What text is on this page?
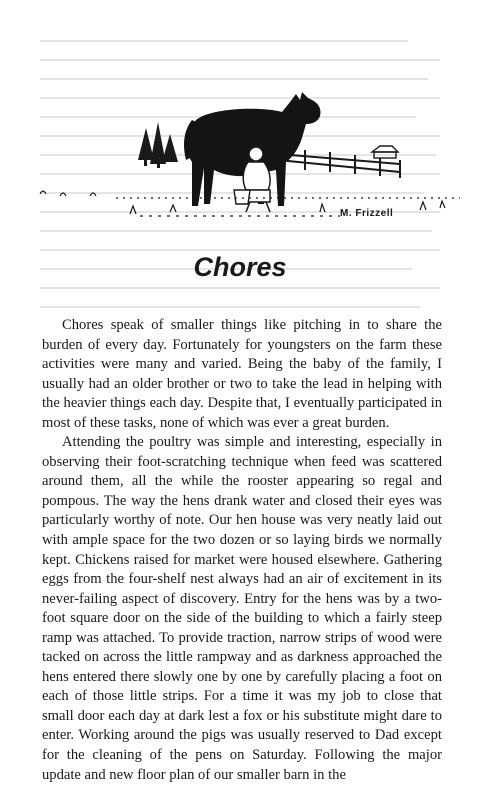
M. Frizzell
Chores

Chores speak of smaller things like pitching in to share the burden of every day. Fortunately for youngsters on the farm these activities were many and varied. Being the baby of the family, I usually had an older brother or two to take the lead in helping with the heavier things each day. Despite that, I eventually participated in most of these tasks, none of which was ever a great burden.

Attending the poultry was simple and interesting, especially in observing their foot-scratching technique when feed was scattered around them, all the while the rooster appearing so regal and pompous. The way the hens drank water and closed their eyes was particularly worthy of note. Our hen house was very neatly laid out with ample space for the two dozen or so laying birds we normally kept. Chickens raised for market were housed elsewhere. Gathering eggs from the four-shelf nest always had an air of excitement in its never-failing aspect of discovery. Entry for the hens was by a two-foot square door on the side of the building to which a fairly steep ramp was attached. To provide traction, narrow strips of wood were tacked on across the little rampway and as darkness approached the hens entered there slowly one by one by carefully placing a foot on each of those little strips. For a time it was my job to close that small door each day at dark lest a fox or his substitute might dare to enter. Working around the pigs was usually reserved to Dad except for the cleaning of the pens on Saturday. Following the major update and new floor plan of our smaller barn in the
